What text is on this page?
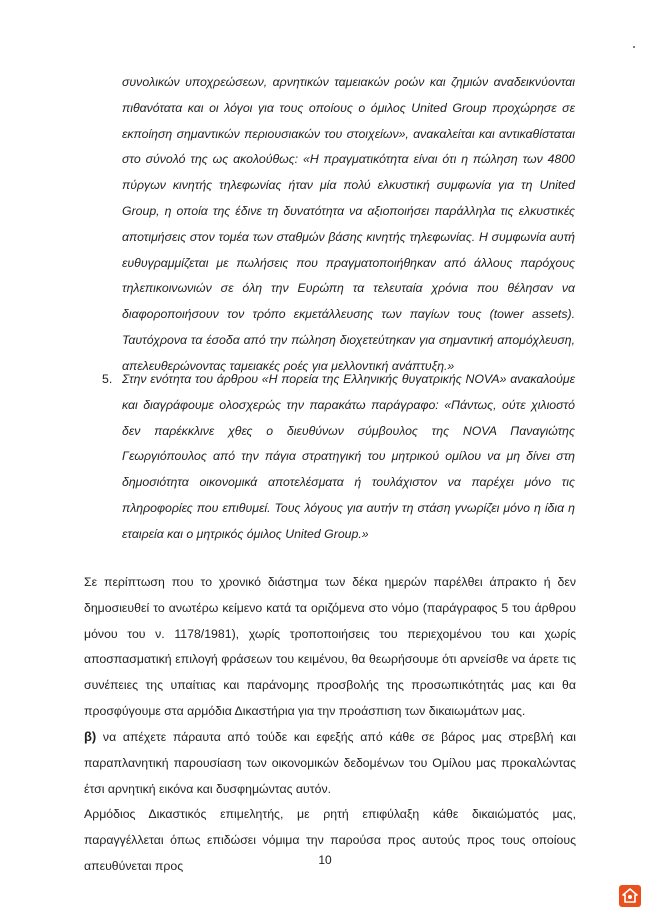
συνολικών υποχρεώσεων, αρνητικών ταμειακών ροών και ζημιών αναδεικνύονται πιθανότατα και οι λόγοι για τους οποίους ο όμιλος United Group προχώρησε σε εκποίηση σημαντικών περιουσιακών του στοιχείων», ανακαλείται και αντικαθίσταται στο σύνολό της ως ακολούθως: «Η πραγματικότητα είναι ότι η πώληση των 4800 πύργων κινητής τηλεφωνίας ήταν μία πολύ ελκυστική συμφωνία για τη United Group, η οποία της έδινε τη δυνατότητα να αξιοποιήσει παράλληλα τις ελκυστικές αποτιμήσεις στον τομέα των σταθμών βάσης κινητής τηλεφωνίας. Η συμφωνία αυτή ευθυγραμμίζεται με πωλήσεις που πραγματοποιήθηκαν από άλλους παρόχους τηλεπικοινωνιών σε όλη την Ευρώπη τα τελευταία χρόνια που θέλησαν να διαφοροποιήσουν τον τρόπο εκμετάλλευσης των παγίων τους (tower assets). Ταυτόχρονα τα έσοδα από την πώληση διοχετεύτηκαν για σημαντική απομόχλευση, απελευθερώνοντας ταμειακές ροές για μελλοντική ανάπτυξη.»
5. Στην ενότητα του άρθρου «Η πορεία της Ελληνικής θυγατρικής NOVA» ανακαλούμε και διαγράφουμε ολοσχερώς την παρακάτω παράγραφο: «Πάντως, ούτε χιλιοστό δεν παρέκκλινε χθες ο διευθύνων σύμβουλος της NOVA Παναγιώτης Γεωργιόπουλος από την πάγια στρατηγική του μητρικού ομίλου να μη δίνει στη δημοσιότητα οικονομικά αποτελέσματα ή τουλάχιστον να παρέχει μόνο τις πληροφορίες που επιθυμεί. Τους λόγους για αυτήν τη στάση γνωρίζει μόνο η ίδια η εταιρεία και ο μητρικός όμιλος United Group.»
Σε περίπτωση που το χρονικό διάστημα των δέκα ημερών παρέλθει άπρακτο ή δεν δημοσιευθεί το ανωτέρω κείμενο κατά τα οριζόμενα στο νόμο (παράγραφος 5 του άρθρου μόνου του ν. 1178/1981), χωρίς τροποποιήσεις του περιεχομένου του και χωρίς αποσπασματική επιλογή φράσεων του κειμένου, θα θεωρήσουμε ότι αρνείσθε να άρετε τις συνέπειες της υπαίτιας και παράνομης προσβολής της προσωπικότητάς μας και θα προσφύγουμε στα αρμόδια Δικαστήρια για την προάσπιση των δικαιωμάτων μας.
β) να απέχετε πάραυτα από τούδε και εφεξής από κάθε σε βάρος μας στρεβλή και παραπλανητική παρουσίαση των οικονομικών δεδομένων του Ομίλου μας προκαλώντας έτσι αρνητική εικόνα και δυσφημώντας αυτόν.
Αρμόδιος Δικαστικός επιμελητής, με ρητή επιφύλαξη κάθε δικαιώματός μας, παραγγέλλεται όπως επιδώσει νόμιμα την παρούσα προς αυτούς προς τους οποίους απευθύνεται προς	10
